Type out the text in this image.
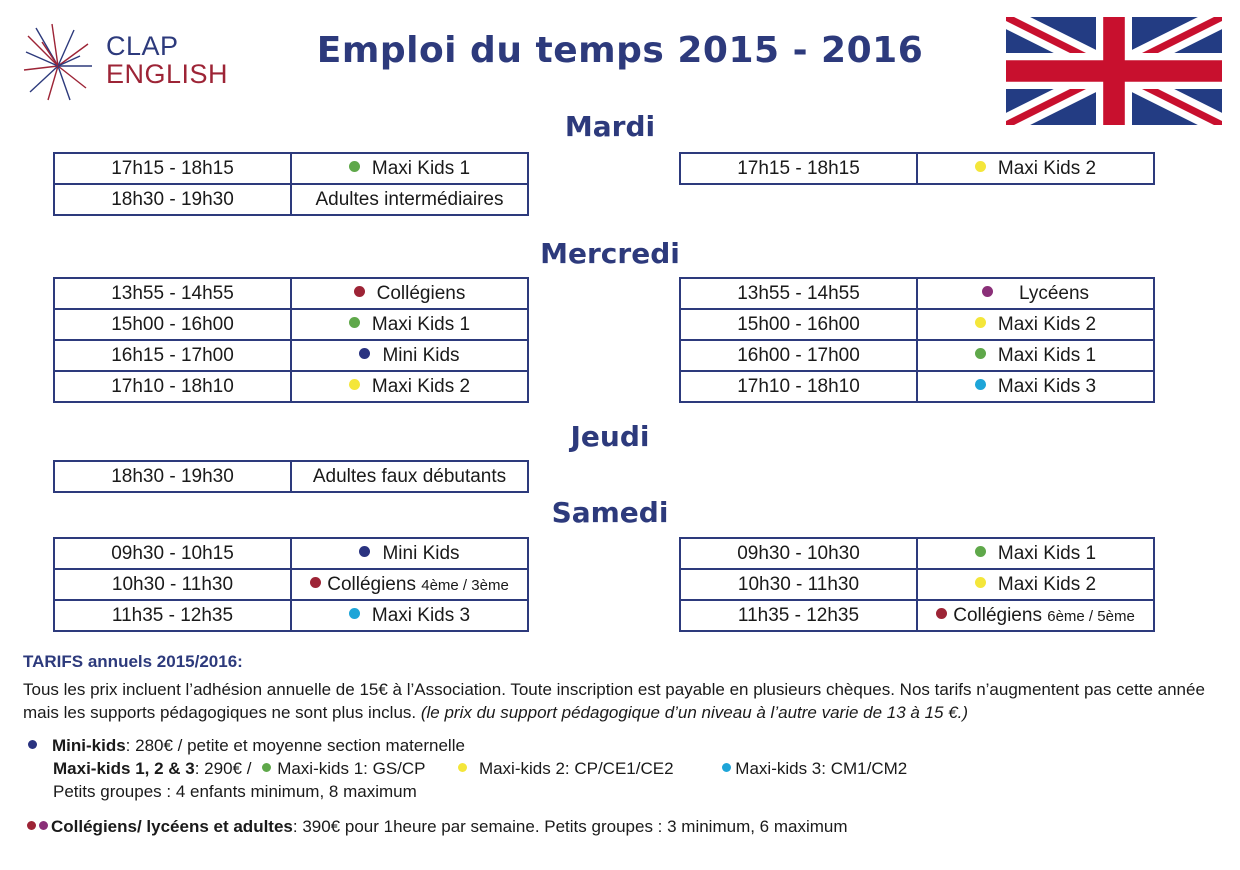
CLAP
ENGLISH
Emploi du temps 2015 - 2016
Mardi
17h15 - 18h15	Maxi Kids 1
18h30 - 19h30	Adultes intermédiaires
17h15 - 18h15	Maxi Kids 2
Mercredi
13h55 - 14h55	Collégiens
15h00 - 16h00	Maxi Kids 1
16h15 - 17h00	Mini Kids
17h10 - 18h10	Maxi Kids 2
13h55 - 14h55	Lycéens
15h00 - 16h00	Maxi Kids 2
16h00 - 17h00	Maxi Kids 1
17h10 - 18h10	Maxi Kids 3
Jeudi
18h30 - 19h30	Adultes faux débutants
Samedi
09h30 - 10h15	Mini Kids
10h30 - 11h30	Collégiens 4ème / 3ème
11h35 - 12h35	Maxi Kids 3
09h30 - 10h30	Maxi Kids 1
10h30 - 11h30	Maxi Kids 2
11h35 - 12h35	Collégiens 6ème / 5ème
TARIFS annuels 2015/2016:
Tous les prix incluent l’adhésion annuelle de 15€ à l’Association. Toute inscription est payable en plusieurs chèques. Nos tarifs n’augmentent pas cette année mais les supports pédagogiques ne sont plus inclus. (le prix du support pédagogique d’un niveau à l’autre varie de 13 à 15 €.)
Mini-kids: 280€ / petite et moyenne section maternelle
Maxi-kids 1, 2 & 3: 290€ / Maxi-kids 1: GS/CP	Maxi-kids 2: CP/CE1/CE2	Maxi-kids 3: CM1/CM2
Petits groupes : 4 enfants minimum, 8 maximum
Collégiens/ lycéens et adultes: 390€ pour 1heure par semaine. Petits groupes : 3 minimum, 6 maximum
